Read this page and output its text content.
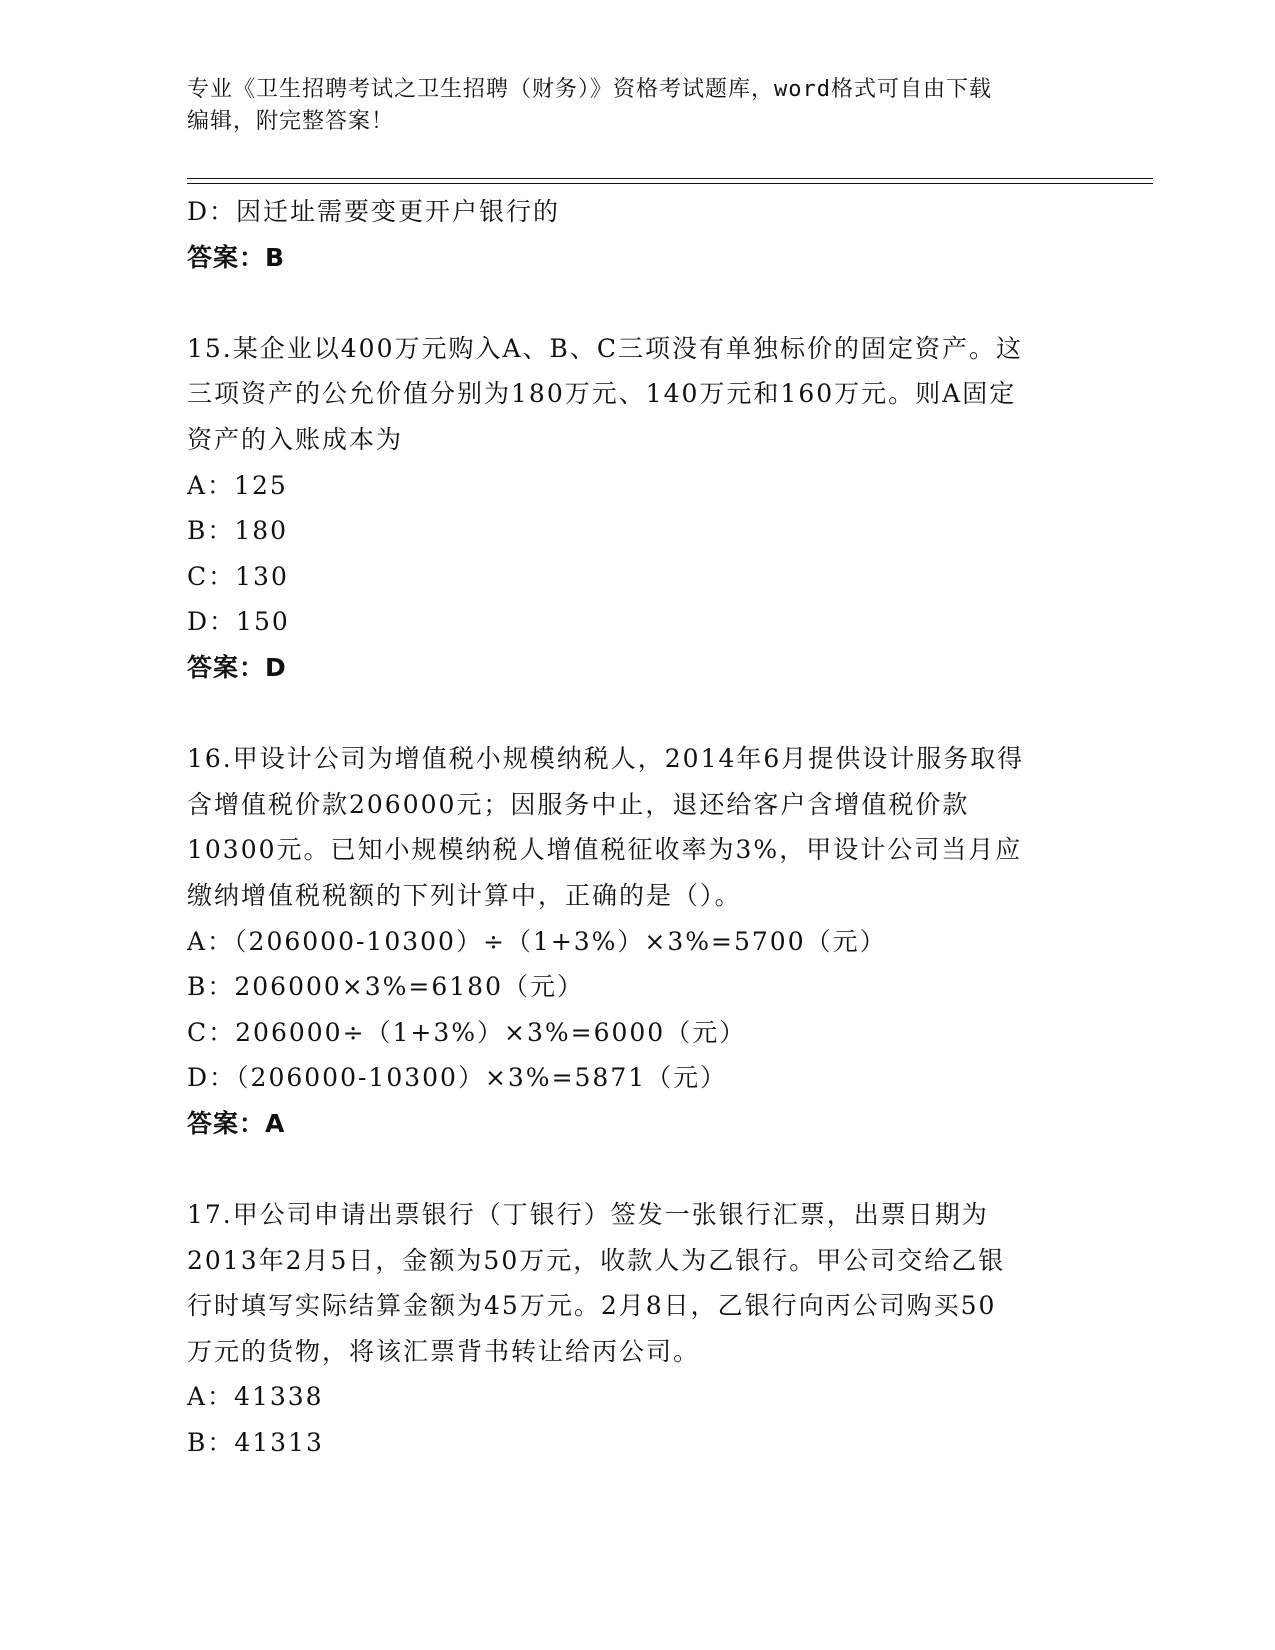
专业《卫生招聘考试之卫生招聘（财务）》资格考试题库，word格式可自由下载
编辑，附完整答案！
D：因迁址需要变更开户银行的
答案：B
15.某企业以400万元购入A、B、C三项没有单独标价的固定资产。这
三项资产的公允价值分别为180万元、140万元和160万元。则A固定
资产的入账成本为
A：125
B：180
C：130
D：150
答案：D
16.甲设计公司为增值税小规模纳税人，2014年6月提供设计服务取得
含增值税价款206000元；因服务中止，退还给客户含增值税价款
10300元。已知小规模纳税人增值税征收率为3%，甲设计公司当月应
缴纳增值税税额的下列计算中，正确的是（）。
A：（206000-10300）÷（1+3%）×3%=5700（元）
B：206000×3%=6180（元）
C：206000÷（1+3%）×3%=6000（元）
D：（206000-10300）×3%=5871（元）
答案：A
17.甲公司申请出票银行（丁银行）签发一张银行汇票，出票日期为
2013年2月5日，金额为50万元，收款人为乙银行。甲公司交给乙银
行时填写实际结算金额为45万元。2月8日，乙银行向丙公司购买50
万元的货物，将该汇票背书转让给丙公司。
A：41338
B：41313
